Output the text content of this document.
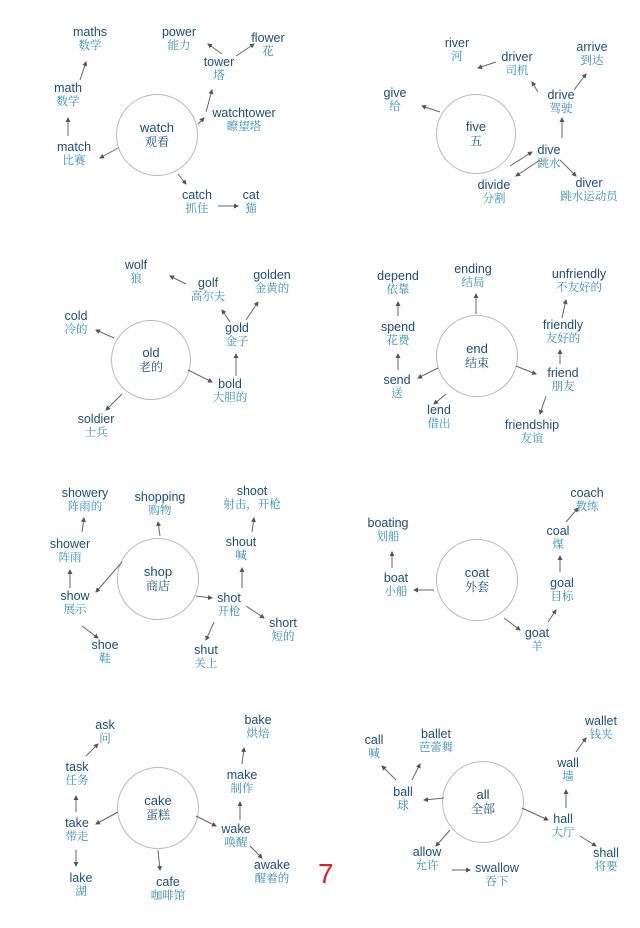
watch
观看
maths
数学
math
数学
match
比赛
power
能力
flower
花
tower
塔
watchtower
瞭望塔
catch
抓住
cat
猫
five
五
river
河	driver
司机
arrive
到达
drive
驾驶
give
给
dive
跳水
divide
分割
diver
跳水运动员
old
老的
wolf
狼	golf
高尔夫
golden
金黄的
gold
金子
cold
冷的
bold
大胆的
soldier
士兵
end
结束
depend
依靠
ending
结局
unfriendly
不友好的
spend
花费
friendly
友好的
send
送
friend
朋友
lend
借出	friendship
友谊
shop
商店
showery
阵雨的
shopping
购物
shoot
射击，开枪
shower
阵雨
shout
喊
show
展示
shot
开枪
shoe
鞋
short
短的
shut
关上
coat
外套
coach
教练
boating
划船	coal
煤
boat
小船
goal
目标
goat
羊
cake
蛋糕
ask
问
bake
烘焙
task
任务	make
制作
take
带走
wake
唤醒
lake
湖
cafe
咖啡馆
awake
醒着的
all
全部
call
喊
ballet
芭蕾舞
wallet
钱夹
wall
墙
ball
球
hall
大厅
allow
允许	swallow
吞下
shall
将要
7
